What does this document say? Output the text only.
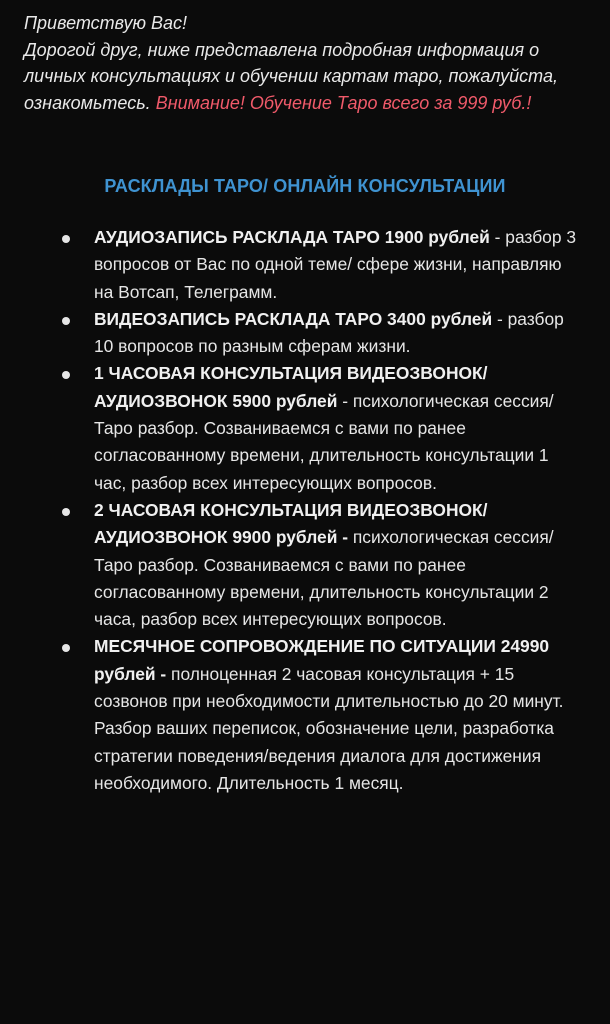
Приветствую Вас!
Дорогой друг, ниже представлена подробная информация о личных консультациях и обучении картам таро, пожалуйста, ознакомьтесь. Внимание! Обучение Таро всего за 999 руб.!
РАСКЛАДЫ ТАРО/ ОНЛАЙН КОНСУЛЬТАЦИИ
АУДИОЗАПИСЬ РАСКЛАДА ТАРО 1900 рублей - разбор 3 вопросов от Вас по одной теме/ сфере жизни, направляю на Вотсап, Телеграмм.
ВИДЕОЗАПИСЬ РАСКЛАДА ТАРО 3400 рублей - разбор 10 вопросов по разным сферам жизни.
1 ЧАСОВАЯ КОНСУЛЬТАЦИЯ ВИДЕОЗВОНОК/ АУДИОЗВОНОК 5900 рублей - психологическая сессия/ Таро разбор. Созваниваемся с вами по ранее согласованному времени, длительность консультации 1 час, разбор всех интересующих вопросов.
2 ЧАСОВАЯ КОНСУЛЬТАЦИЯ ВИДЕОЗВОНОК/ АУДИОЗВОНОК 9900 рублей - психологическая сессия/ Таро разбор. Созваниваемся с вами по ранее согласованному времени, длительность консультации 2 часа, разбор всех интересующих вопросов.
МЕСЯЧНОЕ СОПРОВОЖДЕНИЕ ПО СИТУАЦИИ 24990 рублей - полноценная 2 часовая консультация + 15 созвонов при необходимости длительностью до 20 минут. Разбор ваших переписок, обозначение цели, разработка стратегии поведения/ведения диалога для достижения необходимого. Длительность 1 месяц.
